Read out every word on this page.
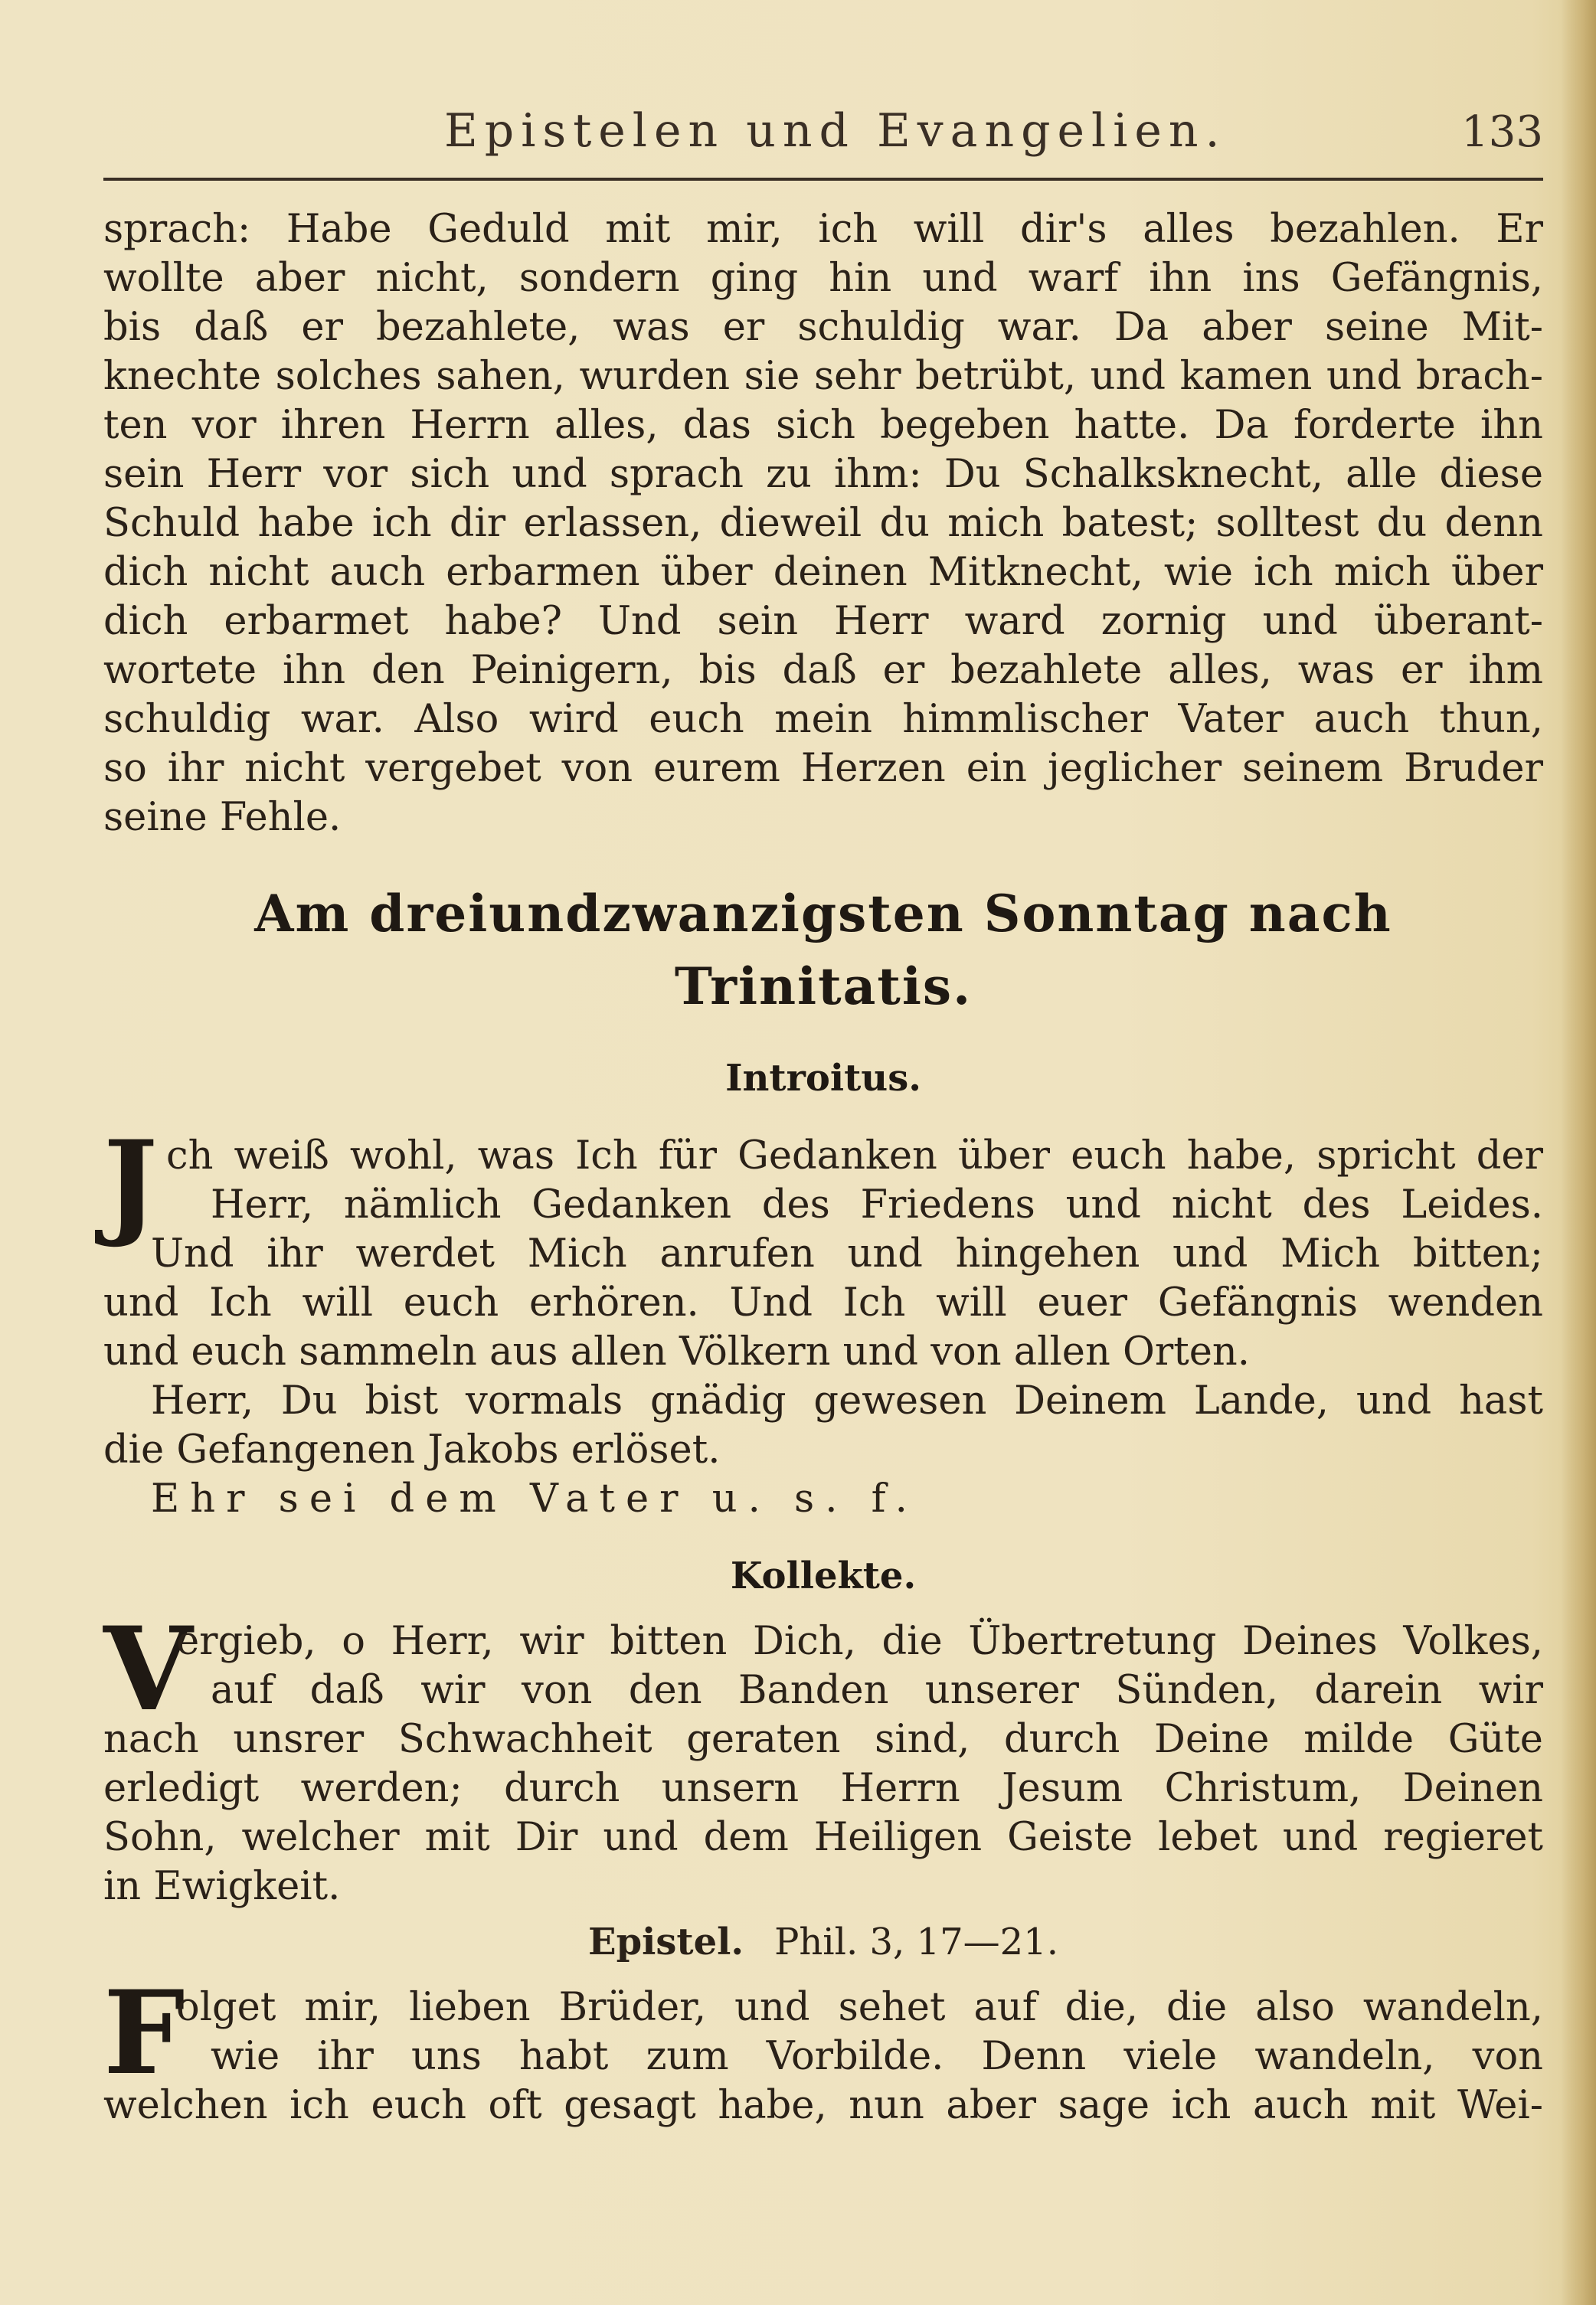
Epistelen und Evangelien.	133
sprach: Habe Geduld mit mir, ich will dir's alles bezahlen. Er
wollte aber nicht, sondern ging hin und warf ihn ins Gefängnis,
bis daß er bezahlete, was er schuldig war. Da aber seine Mit-
knechte solches sahen, wurden sie sehr betrübt, und kamen und brach-
ten vor ihren Herrn alles, das sich begeben hatte. Da forderte ihn
sein Herr vor sich und sprach zu ihm: Du Schalksknecht, alle diese
Schuld habe ich dir erlassen, dieweil du mich batest; solltest du denn
dich nicht auch erbarmen über deinen Mitknecht, wie ich mich über
dich erbarmet habe? Und sein Herr ward zornig und überant-
wortete ihn den Peinigern, bis daß er bezahlete alles, was er ihm
schuldig war. Also wird euch mein himmlischer Vater auch thun,
so ihr nicht vergebet von eurem Herzen ein jeglicher seinem Bruder
seine Fehle.
Am dreiundzwanzigsten Sonntag nach
Trinitatis.
Introitus.
J ch weiß wohl, was Ich für Gedanken über euch habe, spricht der
Herr, nämlich Gedanken des Friedens und nicht des Leides.
Und ihr werdet Mich anrufen und hingehen und Mich bitten;
und Ich will euch erhören. Und Ich will euer Gefängnis wenden
und euch sammeln aus allen Völkern und von allen Orten.
Herr, Du bist vormals gnädig gewesen Deinem Lande, und hast
die Gefangenen Jakobs erlöset.
Ehr sei dem Vater u. s. f.
Kollekte.
V
ergieb, o Herr, wir bitten Dich, die Übertretung Deines Volkes,
auf daß wir von den Banden unserer Sünden, darein wir
nach unsrer Schwachheit geraten sind, durch Deine milde Güte
erledigt werden; durch unsern Herrn Jesum Christum, Deinen
Sohn, welcher mit Dir und dem Heiligen Geiste lebet und regieret
in Ewigkeit.
Epistel. Phil. 3, 17—21.
F
olget mir, lieben Brüder, und sehet auf die, die also wandeln,
wie ihr uns habt zum Vorbilde. Denn viele wandeln, von
welchen ich euch oft gesagt habe, nun aber sage ich auch mit Wei-
